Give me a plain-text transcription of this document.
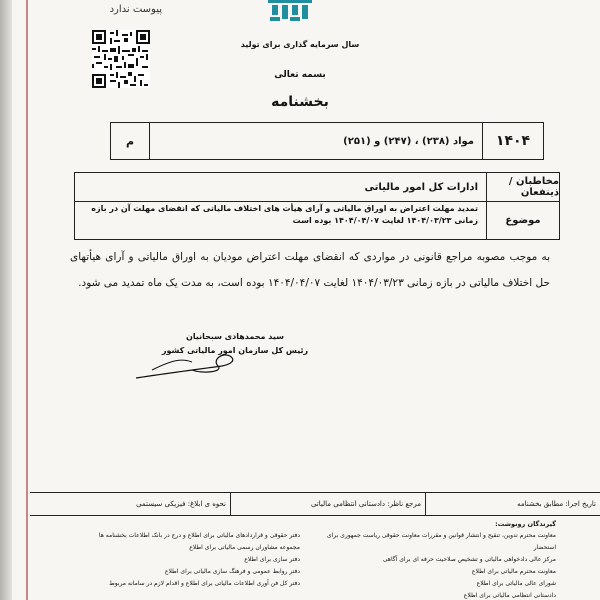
پیوست ندارد
سال سرمایه گذاری برای تولید
بسمه تعالی
بخشنامه
۱۴۰۴
مواد (۲۳۸) ، (۲۴۷) و (۲۵۱)
م
مخاطبان / ذینفعان
ادارات کل امور مالیاتی
موضوع
تمدید مهلت اعتراض به اوراق مالیاتی و آرای هیأت های اختلاف مالیاتی که انقضای مهلت آن در بازه زمانی ۱۴۰۴/۰۳/۲۳ لغایت ۱۴۰۴/۰۴/۰۷ بوده است
به موجب مصوبه مراجع قانونی در مواردی که انقضای مهلت اعتراض مودیان به اوراق مالیاتی و آرای هیأتهای حل اختلاف مالیاتی در بازه زمانی ۱۴۰۴/۰۳/۲۳ لغایت ۱۴۰۴/۰۴/۰۷ بوده است، به مدت یک ماه تمدید می شود.
سید محمدهادی سبحانیان
رئیس کل سازمان امور مالیاتی کشور
تاریخ اجرا: مطابق بخشنامه
مرجع ناظر: دادستانی انتظامی مالیاتی
نحوه ی ابلاغ: فیزیکی سیستمی
گیرندگان رونوشت:
معاونت محترم تدوین، تنقیح و انتشار قوانین و مقررات معاونت حقوقی ریاست جمهوری برای استحضار
مرکز عالی دادخواهی مالیاتی و تشخیص صلاحیت حرفه ای برای آگاهی
معاونت محترم مالیاتی برای اطلاع
شورای عالی مالیاتی برای اطلاع
دادستانی انتظامی مالیاتی برای اطلاع
دفتر حقوقی و قراردادهای مالیاتی برای اطلاع و درج در بانک اطلاعات بخشنامه ها
مجموعه مشاوران رسمی مالیاتی برای اطلاع
دفتر سازی برای اطلاع
دفتر روابط عمومی و فرهنگ سازی مالیاتی برای اطلاع
دفتر کل فن آوری اطلاعات مالیاتی برای اطلاع و اقدام لازم در سامانه مربوط
